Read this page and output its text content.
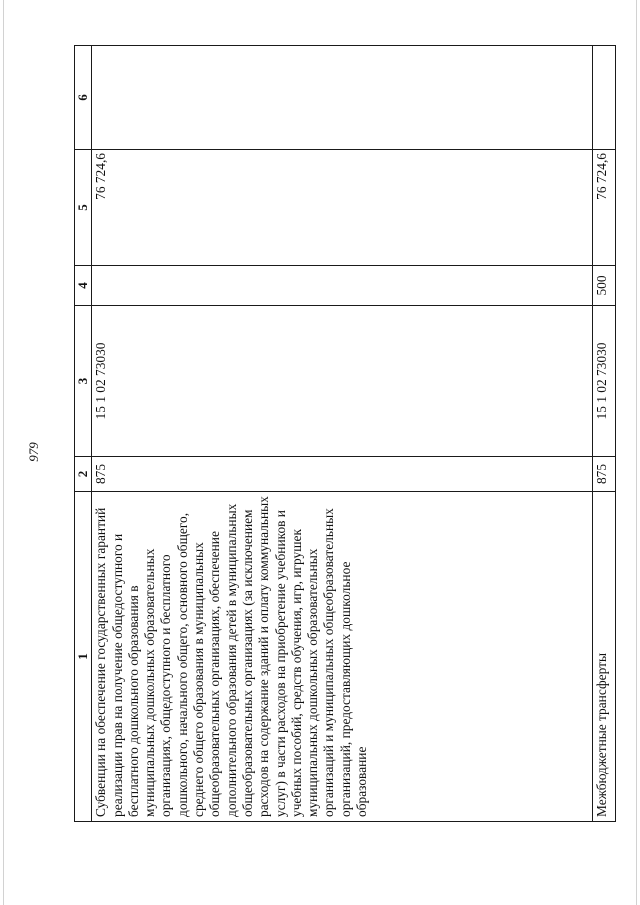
979
1	2	3	4	5	6
Субвенции на обеспечение государственных гарантий реализации прав на получение общедоступного и бесплатного дошкольного образования в муниципальных дошкольных образовательных организациях, общедоступного и бесплатного дошкольного, начального общего, основного общего, среднего общего образования в муниципальных общеобразовательных организациях, обеспечение дополнительного образования детей в муниципальных общеобразовательных организациях (за исключением расходов на содержание зданий и оплату коммунальных услуг) в части расходов на приобретение учебников и учебных пособий, средств обучения, игр, игрушек муниципальных дошкольных образовательных организаций и муниципальных общеобразовательных организаций, предоставляющих дошкольное образование	875	15 1 02 73030		76 724,6	
Межбюджетные трансферты	875	15 1 02 73030	500	76 724,6	
